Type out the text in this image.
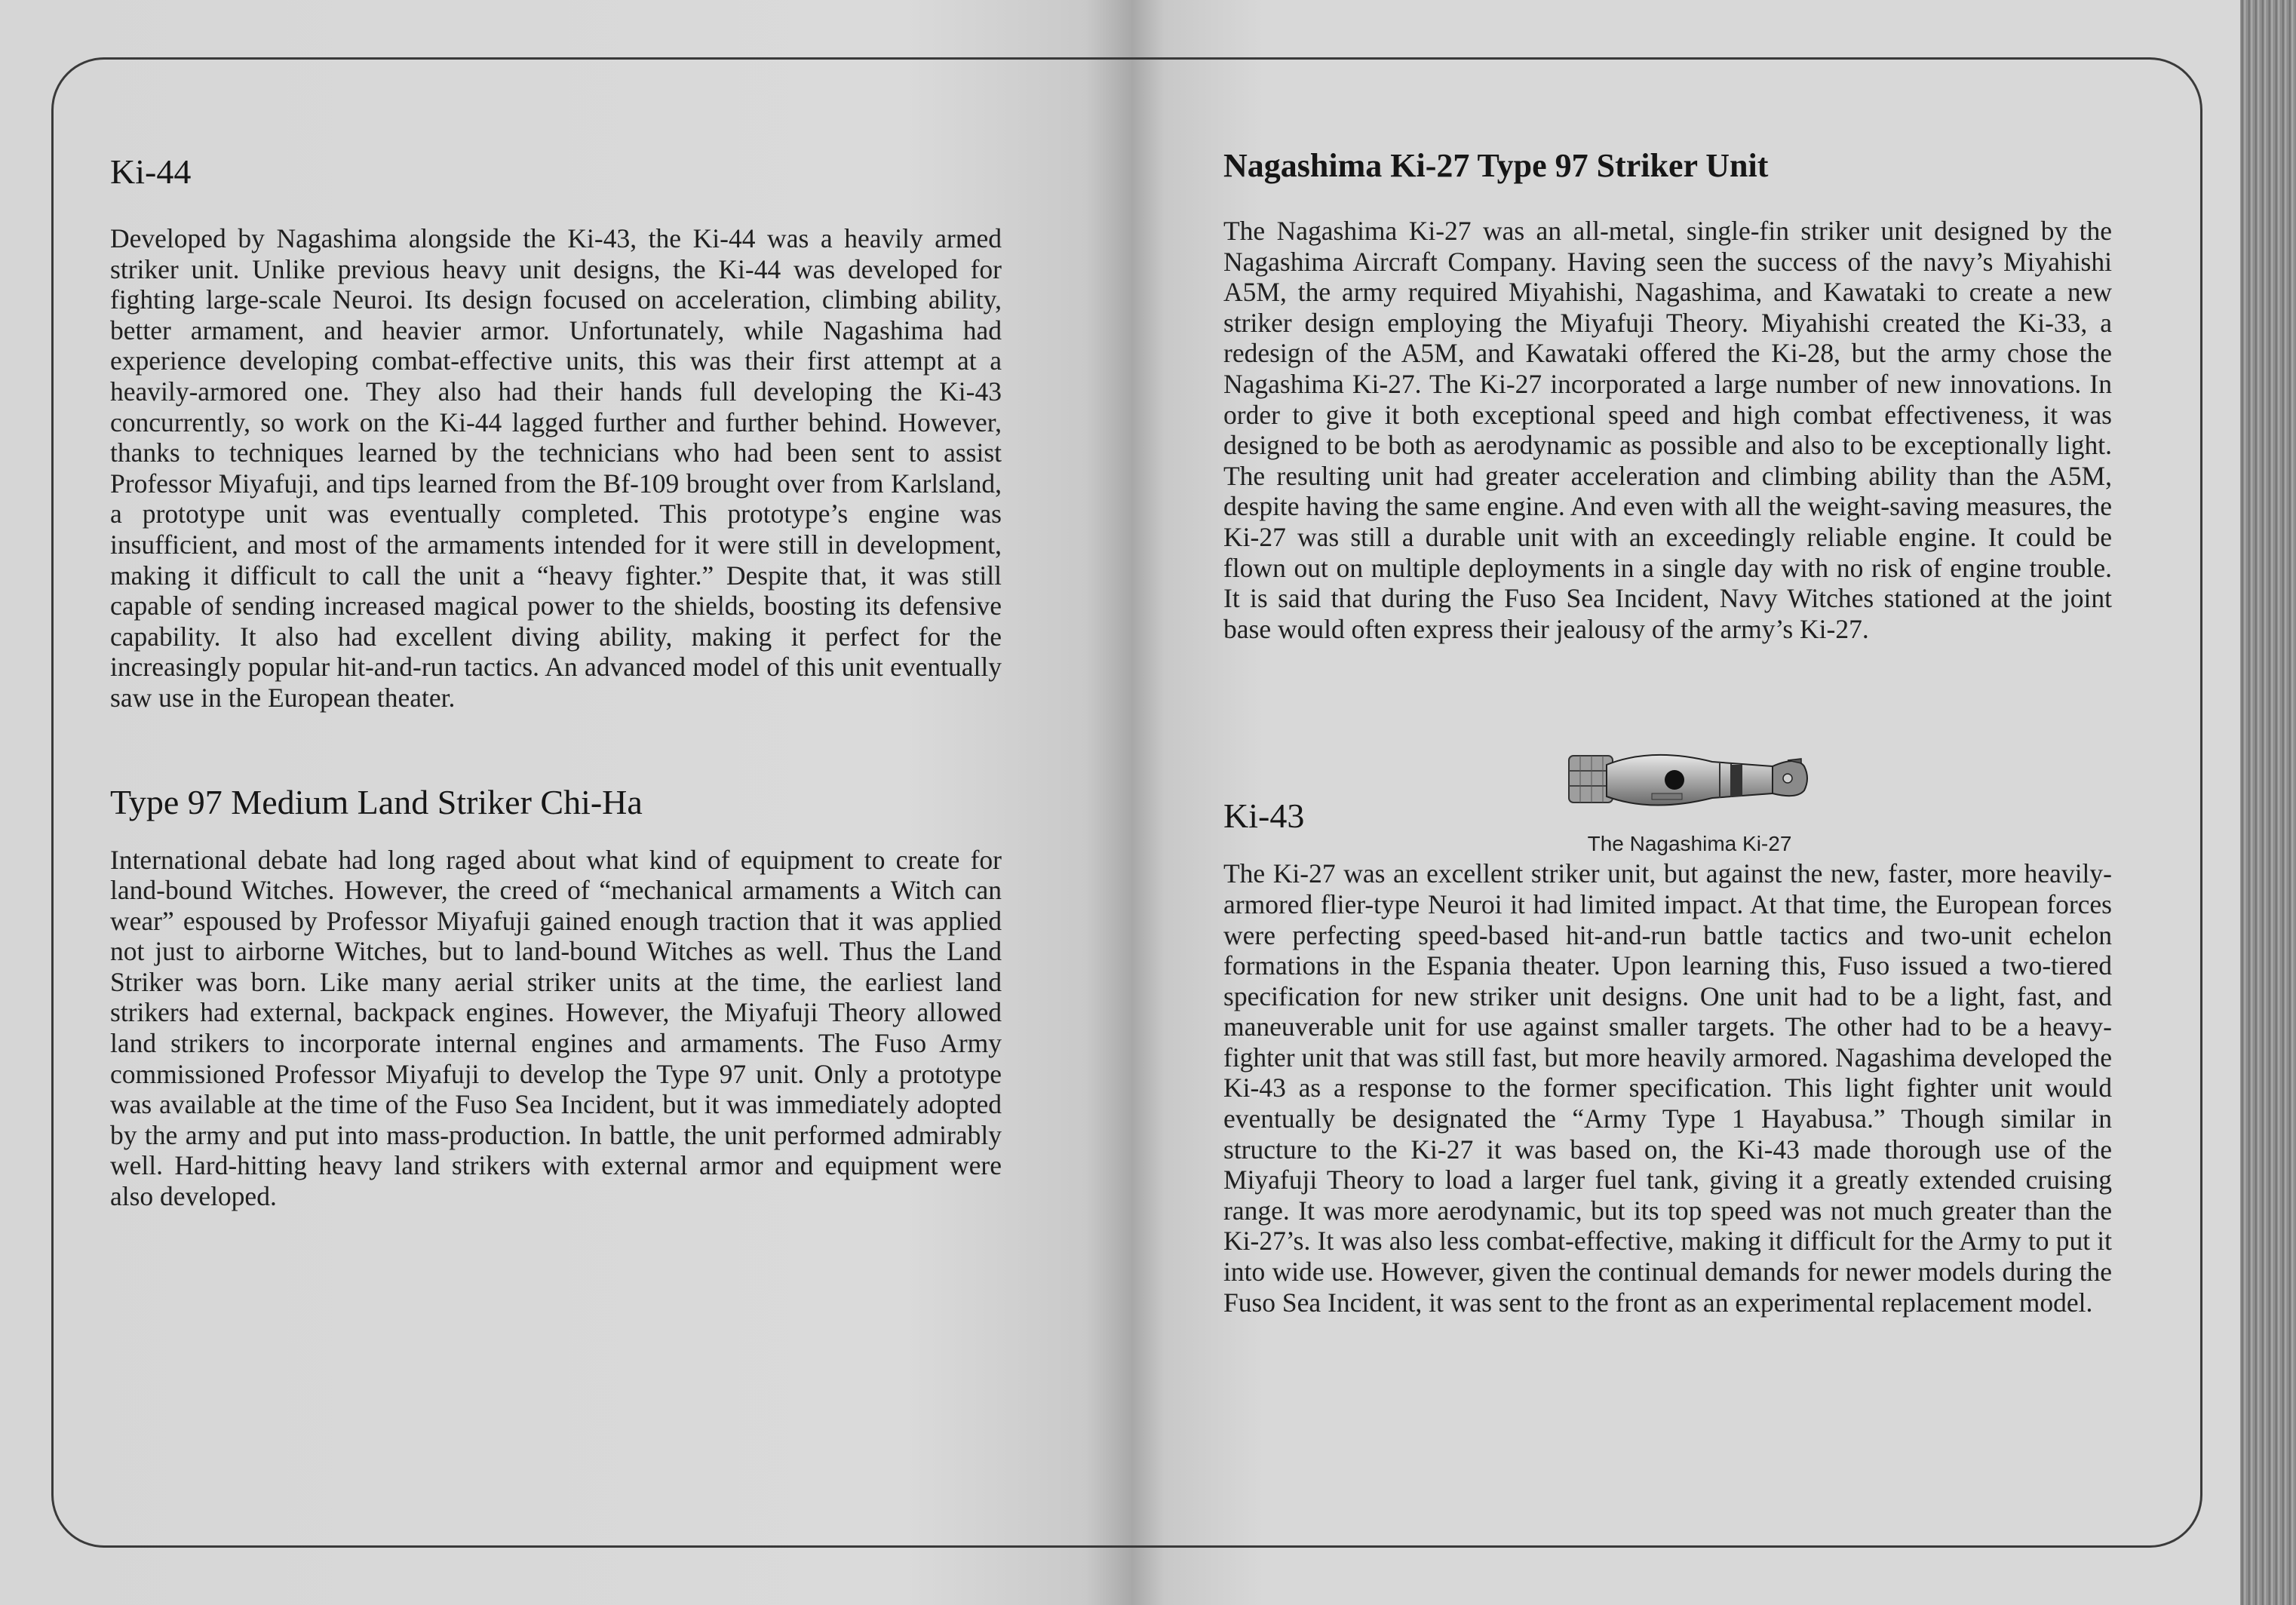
Ki-44

Developed by Nagashima alongside the Ki-43, the Ki-44 was a heavily armed striker unit. Unlike previous heavy unit designs, the Ki-44 was developed for fighting large-scale Neuroi. Its design focused on acceleration, climbing ability, better armament, and heavier armor. Unfortunately, while Nagashima had experience developing combat-effective units, this was their first attempt at a heavily-armored one. They also had their hands full developing the Ki-43 concurrently, so work on the Ki-44 lagged further and further behind. However, thanks to techniques learned by the technicians who had been sent to assist Professor Miyafuji, and tips learned from the Bf-109 brought over from Karlsland, a prototype unit was eventually completed. This prototype’s engine was insufficient, and most of the armaments intended for it were still in development, making it difficult to call the unit a “heavy fighter.” Despite that, it was still capable of sending increased magical power to the shields, boosting its defensive capability. It also had excellent diving ability, making it perfect for the increasingly popular hit-and-run tactics. An advanced model of this unit eventually saw use in the European theater.

Type 97 Medium Land Striker Chi-Ha

International debate had long raged about what kind of equipment to create for land-bound Witches. However, the creed of “mechanical armaments a Witch can wear” espoused by Professor Miyafuji gained enough traction that it was applied not just to airborne Witches, but to land-bound Witches as well. Thus the Land Striker was born. Like many aerial striker units at the time, the earliest land strikers had external, backpack engines. However, the Miyafuji Theory allowed land strikers to incorporate internal engines and armaments. The Fuso Army commissioned Professor Miyafuji to develop the Type 97 unit. Only a prototype was available at the time of the Fuso Sea Incident, but it was immediately adopted by the army and put into mass-production. In battle, the unit performed admirably well. Hard-hitting heavy land strikers with external armor and equipment were also developed.

Nagashima Ki-27 Type 97 Striker Unit

The Nagashima Ki-27 was an all-metal, single-fin striker unit designed by the Nagashima Aircraft Company. Having seen the success of the navy’s Miyahishi A5M, the army required Miyahishi, Nagashima, and Kawataki to create a new striker design employing the Miyafuji Theory. Miyahishi created the Ki-33, a redesign of the A5M, and Kawataki offered the Ki-28, but the army chose the Nagashima Ki-27. The Ki-27 incorporated a large number of new innovations. In order to give it both exceptional speed and high combat effectiveness, it was designed to be both as aerodynamic as possible and also to be exceptionally light. The resulting unit had greater acceleration and climbing ability than the A5M, despite having the same engine. And even with all the weight-saving measures, the Ki-27 was still a durable unit with an exceedingly reliable engine. It could be flown out on multiple deployments in a single day with no risk of engine trouble. It is said that during the Fuso Sea Incident, Navy Witches stationed at the joint base would often express their jealousy of the army’s Ki-27.

Ki-43

The Ki-27 was an excellent striker unit, but against the new, faster, more heavily-armored flier-type Neuroi it had limited impact. At that time, the European forces were perfecting speed-based hit-and-run battle tactics and two-unit echelon formations in the Espania theater. Upon learning this, Fuso issued a two-tiered specification for new striker unit designs. One unit had to be a light, fast, and maneuverable unit for use against smaller targets. The other had to be a heavy-fighter unit that was still fast, but more heavily armored. Nagashima developed the Ki-43 as a response to the former specification. This light fighter unit would eventually be designated the “Army Type 1 Hayabusa.” Though similar in structure to the Ki-27 it was based on, the Ki-43 made thorough use of the Miyafuji Theory to load a larger fuel tank, giving it a greatly extended cruising range. It was more aerodynamic, but its top speed was not much greater than the Ki-27’s. It was also less combat-effective, making it difficult for the Army to put it into wide use. However, given the continual demands for newer models during the Fuso Sea Incident, it was sent to the front as an experimental replacement model.

The Nagashima Ki-27
